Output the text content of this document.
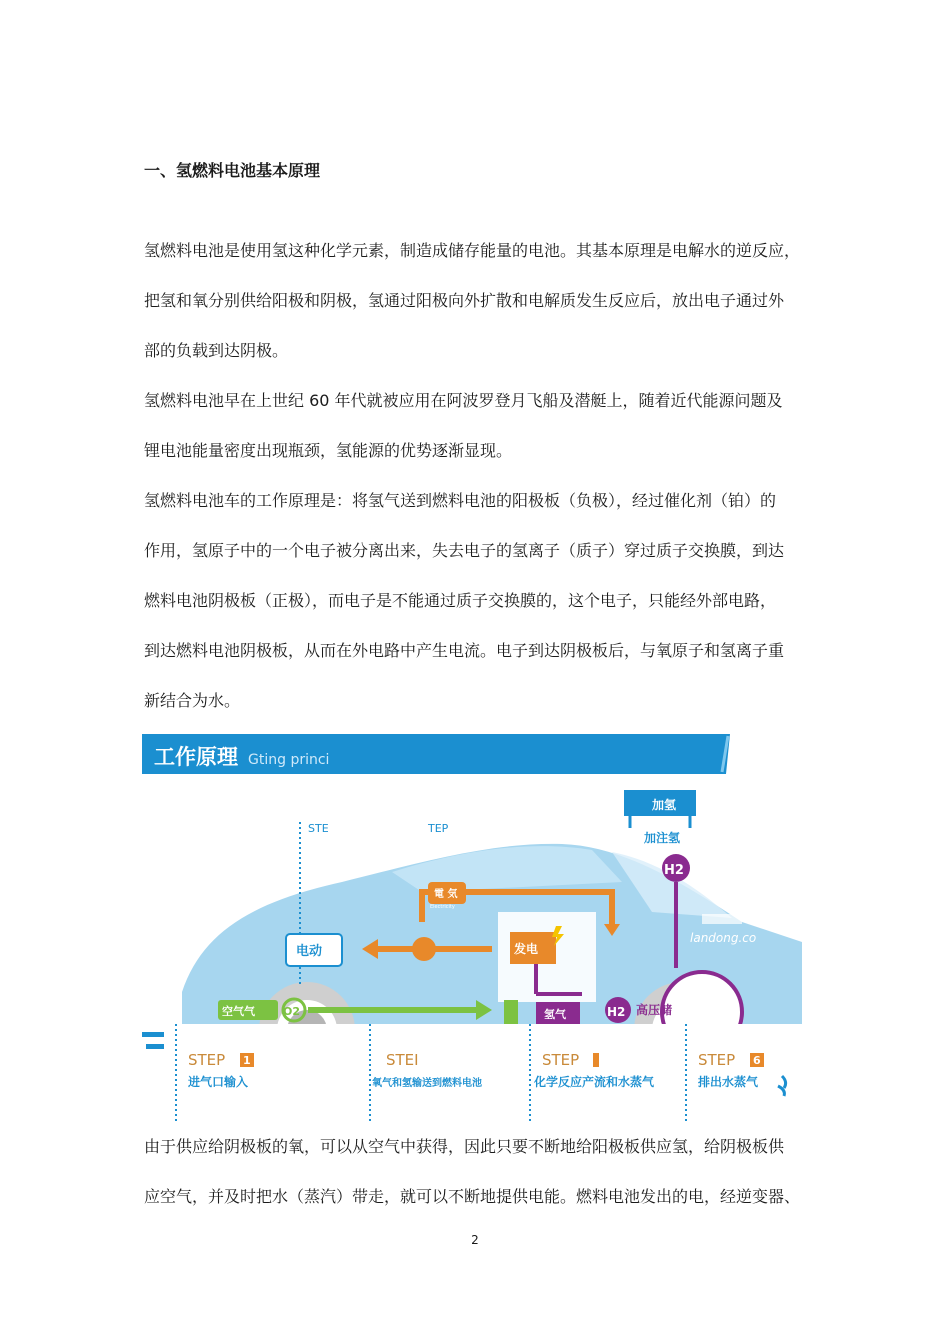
一、氢燃料电池基本原理
氢燃料电池是使用氢这种化学元素，制造成储存能量的电池。其基本原理是电解水的逆反应，
把氢和氧分别供给阳极和阴极，氢通过阳极向外扩散和电解质发生反应后，放出电子通过外
部的负载到达阴极。
氢燃料电池早在上世纪 60 年代就被应用在阿波罗登月飞船及潜艇上，随着近代能源问题及
锂电池能量密度出现瓶颈，氢能源的优势逐渐显现。
氢燃料电池车的工作原理是：将氢气送到燃料电池的阳极板（负极），经过催化剂（铂）的
作用，氢原子中的一个电子被分离出来，失去电子的氢离子（质子）穿过质子交换膜，到达
燃料电池阴极板（正极），而电子是不能通过质子交换膜的，这个电子，只能经外部电路，
到达燃料电池阴极板，从而在外电路中产生电流。电子到达阴极板后，与氧原子和氢离子重
新结合为水。
工作原理 Gting princi
加氢
加注氢
landong.co
STE	TEP
電 気
Electricity
电动	发电
氢气
H2
H2 高压储
空气气	O2
STEP 1
进气口输入
STEI
氧气和氢输送到燃料电池
STEP
化学反应产流和水蒸气
STEP 6
排出水蒸气
由于供应给阴极板的氧，可以从空气中获得，因此只要不断地给阳极板供应氢，给阴极板供
应空气，并及时把水（蒸汽）带走，就可以不断地提供电能。燃料电池发出的电，经逆变器、
2
